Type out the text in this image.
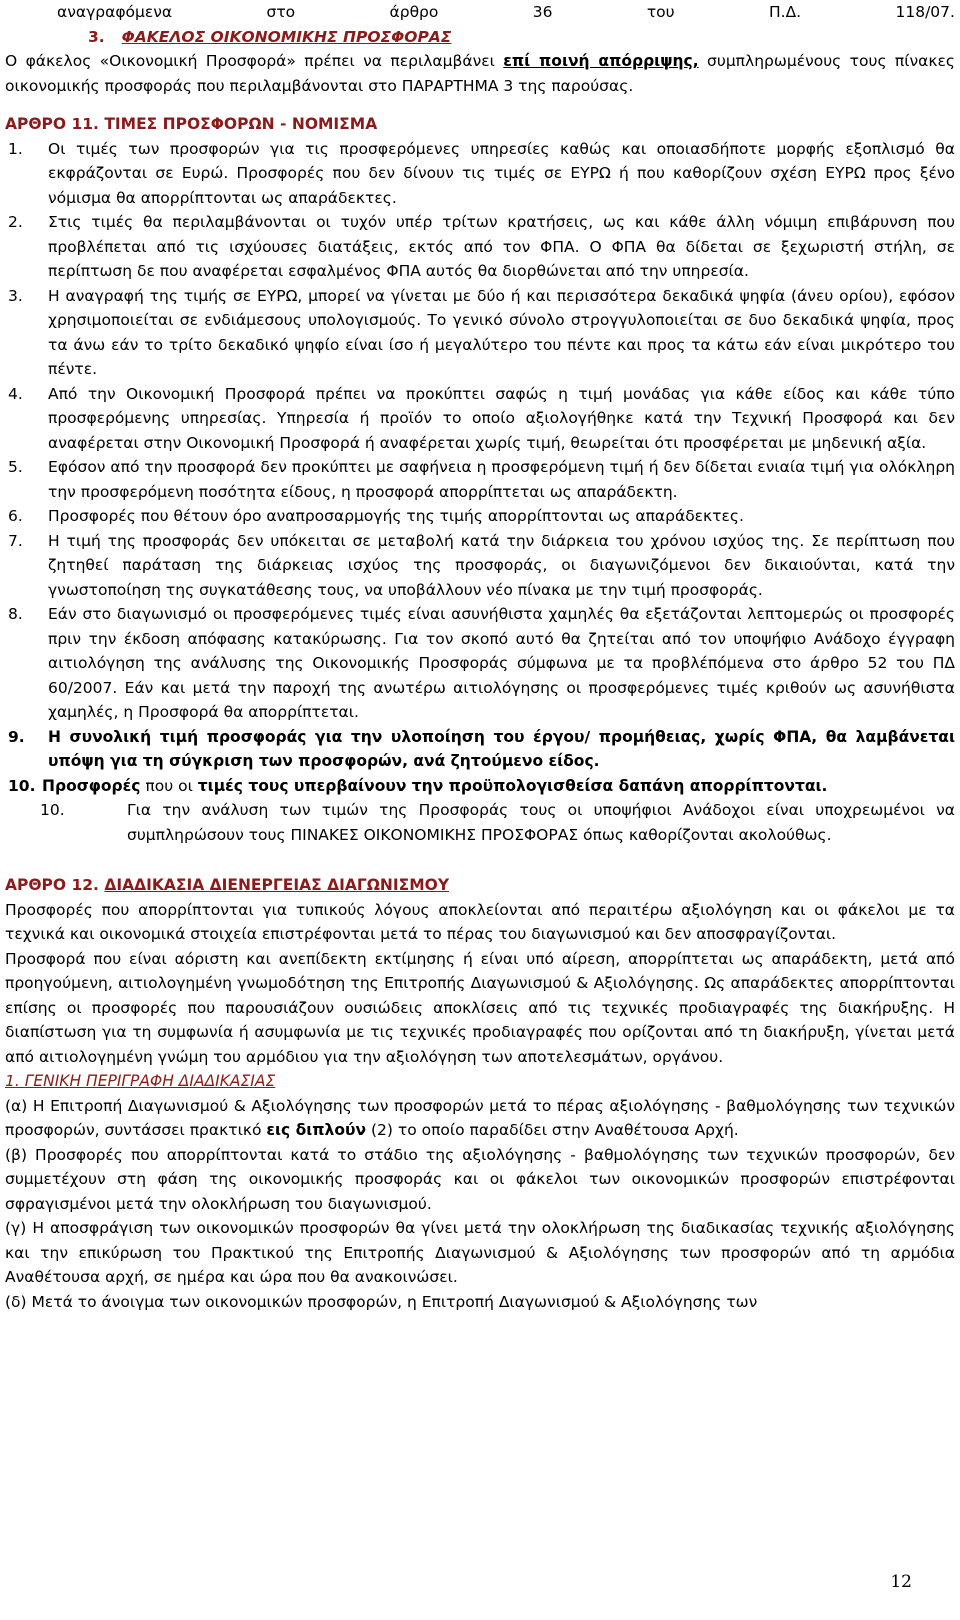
αναγραφόμενα	στο	άρθρο	36	του	Π.Δ.	118/07.
3. ΦΑΚΕΛΟΣ ΟΙΚΟΝΟΜΙΚΗΣ ΠΡΟΣΦΟΡΑΣ

Ο φάκελος «Οικονομική Προσφορά» πρέπει να περιλαμβάνει επί ποινή απόρριψης, συμπληρωμένους τους πίνακες οικονομικής προσφοράς που περιλαμβάνονται στο ΠΑΡΑΡΤΗΜΑ 3 της παρούσας.

ΑΡΘΡΟ 11. ΤΙΜΕΣ ΠΡΟΣΦΟΡΩΝ - ΝΟΜΙΣΜΑ

1.	Οι τιμές των προσφορών για τις προσφερόμενες υπηρεσίες καθώς και οποιασδήποτε μορφής εξοπλισμό θα εκφράζονται σε Ευρώ. Προσφορές που δεν δίνουν τις τιμές σε ΕΥΡΩ ή που καθορίζουν σχέση ΕΥΡΩ προς ξένο νόμισμα θα απορρίπτονται ως απαράδεκτες.
2.	Στις τιμές θα περιλαμβάνονται οι τυχόν υπέρ τρίτων κρατήσεις, ως και κάθε άλλη νόμιμη επιβάρυνση που προβλέπεται από τις ισχύουσες διατάξεις, εκτός από τον ΦΠΑ. Ο ΦΠΑ θα δίδεται σε ξεχωριστή στήλη, σε περίπτωση δε που αναφέρεται εσφαλμένος ΦΠΑ αυτός θα διορθώνεται από την υπηρεσία.
3.	Η αναγραφή της τιμής σε ΕΥΡΩ, μπορεί να γίνεται με δύο ή και περισσότερα δεκαδικά ψηφία (άνευ ορίου), εφόσον χρησιμοποιείται σε ενδιάμεσους υπολογισμούς. Το γενικό σύνολο στρογγυλοποιείται σε δυο δεκαδικά ψηφία, προς τα άνω εάν το τρίτο δεκαδικό ψηφίο είναι ίσο ή μεγαλύτερο του πέντε και προς τα κάτω εάν είναι μικρότερο του πέντε.
4.	Από την Οικονομική Προσφορά πρέπει να προκύπτει σαφώς η τιμή μονάδας για κάθε είδος και κάθε τύπο προσφερόμενης υπηρεσίας. Υπηρεσία ή προϊόν το οποίο αξιολογήθηκε κατά την Τεχνική Προσφορά και δεν αναφέρεται στην Οικονομική Προσφορά ή αναφέρεται χωρίς τιμή, θεωρείται ότι προσφέρεται με μηδενική αξία.
5.	Εφόσον από την προσφορά δεν προκύπτει με σαφήνεια η προσφερόμενη τιμή ή δεν δίδεται ενιαία τιμή για ολόκληρη την προσφερόμενη ποσότητα είδους, η προσφορά απορρίπτεται ως απαράδεκτη.
6.	Προσφορές που θέτουν όρο αναπροσαρμογής της τιμής απορρίπτονται ως απαράδεκτες.
7.	Η τιμή της προσφοράς δεν υπόκειται σε μεταβολή κατά την διάρκεια του χρόνου ισχύος της. Σε περίπτωση που ζητηθεί παράταση της διάρκειας ισχύος της προσφοράς, οι διαγωνιζόμενοι δεν δικαιούνται, κατά την γνωστοποίηση της συγκατάθεσης τους, να υποβάλλουν νέο πίνακα με την τιμή προσφοράς.
8.	Εάν στο διαγωνισμό οι προσφερόμενες τιμές είναι ασυνήθιστα χαμηλές θα εξετάζονται λεπτομερώς οι προσφορές πριν την έκδοση απόφασης κατακύρωσης. Για τον σκοπό αυτό θα ζητείται από τον υποψήφιο Ανάδοχο έγγραφη αιτιολόγηση της ανάλυσης της Οικονομικής Προσφοράς σύμφωνα με τα προβλέπόμενα στο άρθρο 52 του ΠΔ 60/2007. Εάν και μετά την παροχή της ανωτέρω αιτιολόγησης οι προσφερόμενες τιμές κριθούν ως ασυνήθιστα χαμηλές, η Προσφορά θα απορρίπτεται.
9.	Η συνολική τιμή προσφοράς για την υλοποίηση του έργου/ προμήθειας, χωρίς ΦΠΑ, θα λαμβάνεται υπόψη για τη σύγκριση των προσφορών, ανά ζητούμενο είδος.
10. Προσφορές που οι τιμές τους υπερβαίνουν την προϋπολογισθείσα δαπάνη απορρίπτονται.
10.	Για την ανάλυση των τιμών της Προσφοράς τους οι υποψήφιοι Ανάδοχοι είναι υποχρεωμένοι να συμπληρώσουν τους ΠΙΝΑΚΕΣ ΟΙΚΟΝΟΜΙΚΗΣ ΠΡΟΣΦΟΡΑΣ όπως καθορίζονται ακολούθως.

ΑΡΘΡΟ 12. ΔΙΑΔΙΚΑΣΙΑ ΔΙΕΝΕΡΓΕΙΑΣ ΔΙΑΓΩΝΙΣΜΟΥ

Προσφορές που απορρίπτονται για τυπικούς λόγους αποκλείονται από περαιτέρω αξιολόγηση και οι φάκελοι με τα τεχνικά και οικονομικά στοιχεία επιστρέφονται μετά το πέρας του διαγωνισμού και δεν αποσφραγίζονται.

Προσφορά που είναι αόριστη και ανεπίδεκτη εκτίμησης ή είναι υπό αίρεση, απορρίπτεται ως απαράδεκτη, μετά από προηγούμενη, αιτιολογημένη γνωμοδότηση της Επιτροπής Διαγωνισμού & Αξιολόγησης. Ως απαράδεκτες απορρίπτονται επίσης οι προσφορές που παρουσιάζουν ουσιώδεις αποκλίσεις από τις τεχνικές προδιαγραφές της διακήρυξης. Η διαπίστωση για τη συμφωνία ή ασυμφωνία με τις τεχνικές προδιαγραφές που ορίζονται από τη διακήρυξη, γίνεται μετά από αιτιολογημένη γνώμη του αρμόδιου για την αξιολόγηση των αποτελεσμάτων, οργάνου.

1. ΓΕΝΙΚΗ ΠΕΡΙΓΡΑΦΗ ΔΙΑΔΙΚΑΣΙΑΣ

(α) Η Επιτροπή Διαγωνισμού & Αξιολόγησης των προσφορών μετά το πέρας αξιολόγησης - βαθμολόγησης των τεχνικών προσφορών, συντάσσει πρακτικό εις διπλούν (2) το οποίο παραδίδει στην Αναθέτουσα Αρχή.

(β) Προσφορές που απορρίπτονται κατά το στάδιο της αξιολόγησης - βαθμολόγησης των τεχνικών προσφορών, δεν συμμετέχουν στη φάση της οικονομικής προσφοράς και οι φάκελοι των οικονομικών προσφορών επιστρέφονται σφραγισμένοι μετά την ολοκλήρωση του διαγωνισμού.

(γ) Η αποσφράγιση των οικονομικών προσφορών θα γίνει μετά την ολοκλήρωση της διαδικασίας τεχνικής αξιολόγησης και την επικύρωση του Πρακτικού της Επιτροπής Διαγωνισμού & Αξιολόγησης των προσφορών από τη αρμόδια Αναθέτουσα αρχή, σε ημέρα και ώρα που θα ανακοινώσει.

(δ) Μετά το άνοιγμα των οικονομικών προσφορών, η Επιτροπή Διαγωνισμού & Αξιολόγησης των

12
